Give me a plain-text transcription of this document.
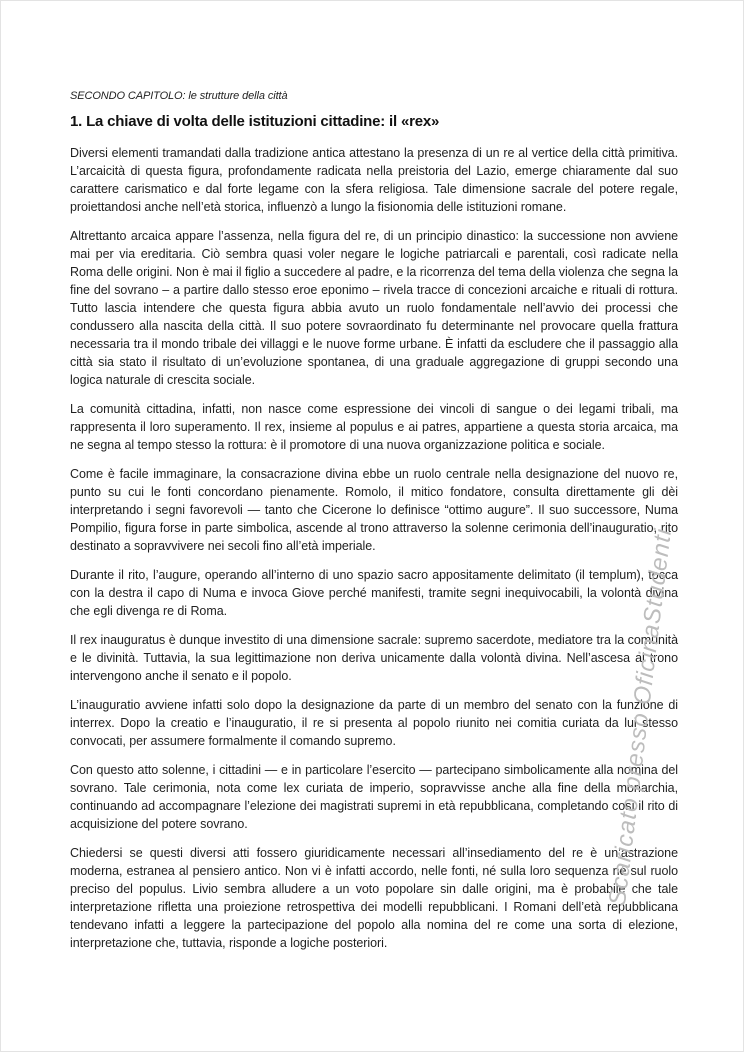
SECONDO CAPITOLO: le strutture della città
1. La chiave di volta delle istituzioni cittadine: il «rex»

Diversi elementi tramandati dalla tradizione antica attestano la presenza di un re al vertice della città primitiva. L’arcaicità di questa figura, profondamente radicata nella preistoria del Lazio, emerge chiaramente dal suo carattere carismatico e dal forte legame con la sfera religiosa. Tale dimensione sacrale del potere regale, proiettandosi anche nell’età storica, influenzò a lungo la fisionomia delle istituzioni romane.

Altrettanto arcaica appare l’assenza, nella figura del re, di un principio dinastico: la successione non avviene mai per via ereditaria. Ciò sembra quasi voler negare le logiche patriarcali e parentali, così radicate nella Roma delle origini. Non è mai il figlio a succedere al padre, e la ricorrenza del tema della violenza che segna la fine del sovrano – a partire dallo stesso eroe eponimo – rivela tracce di concezioni arcaiche e rituali di rottura. Tutto lascia intendere che questa figura abbia avuto un ruolo fondamentale nell’avvio dei processi che condussero alla nascita della città. Il suo potere sovraordinato fu determinante nel provocare quella frattura necessaria tra il mondo tribale dei villaggi e le nuove forme urbane. È infatti da escludere che il passaggio alla città sia stato il risultato di un’evoluzione spontanea, di una graduale aggregazione di gruppi secondo una logica naturale di crescita sociale.

La comunità cittadina, infatti, non nasce come espressione dei vincoli di sangue o dei legami tribali, ma rappresenta il loro superamento. Il rex, insieme al populus e ai patres, appartiene a questa storia arcaica, ma ne segna al tempo stesso la rottura: è il promotore di una nuova organizzazione politica e sociale.

Come è facile immaginare, la consacrazione divina ebbe un ruolo centrale nella designazione del nuovo re, punto su cui le fonti concordano pienamente. Romolo, il mitico fondatore, consulta direttamente gli dèi interpretando i segni favorevoli — tanto che Cicerone lo definisce “ottimo augure”. Il suo successore, Numa Pompilio, figura forse in parte simbolica, ascende al trono attraverso la solenne cerimonia dell’inauguratio, rito destinato a sopravvivere nei secoli fino all’età imperiale.

Durante il rito, l’augure, operando all’interno di uno spazio sacro appositamente delimitato (il templum), tocca con la destra il capo di Numa e invoca Giove perché manifesti, tramite segni inequivocabili, la volontà divina che egli divenga re di Roma.

Il rex inauguratus è dunque investito di una dimensione sacrale: supremo sacerdote, mediatore tra la comunità e le divinità. Tuttavia, la sua legittimazione non deriva unicamente dalla volontà divina. Nell’ascesa al trono intervengono anche il senato e il popolo.

L’inauguratio avviene infatti solo dopo la designazione da parte di un membro del senato con la funzione di interrex. Dopo la creatio e l’inauguratio, il re si presenta al popolo riunito nei comitia curiata da lui stesso convocati, per assumere formalmente il comando supremo.

Con questo atto solenne, i cittadini — e in particolare l’esercito — partecipano simbolicamente alla nomina del sovrano. Tale cerimonia, nota come lex curiata de imperio, sopravvisse anche alla fine della monarchia, continuando ad accompagnare l’elezione dei magistrati supremi in età repubblicana, completando così il rito di acquisizione del potere sovrano.

Chiedersi se questi diversi atti fossero giuridicamente necessari all’insediamento del re è un’astrazione moderna, estranea al pensiero antico. Non vi è infatti accordo, nelle fonti, né sulla loro sequenza né sul ruolo preciso del populus. Livio sembra alludere a un voto popolare sin dalle origini, ma è probabile che tale interpretazione rifletta una proiezione retrospettiva dei modelli repubblicani. I Romani dell’età repubblicana tendevano infatti a leggere la partecipazione del popolo alla nomina del re come una sorta di elezione, interpretazione che, tuttavia, risponde a logiche posteriori.

Scaricato presso OficinaStudenti
